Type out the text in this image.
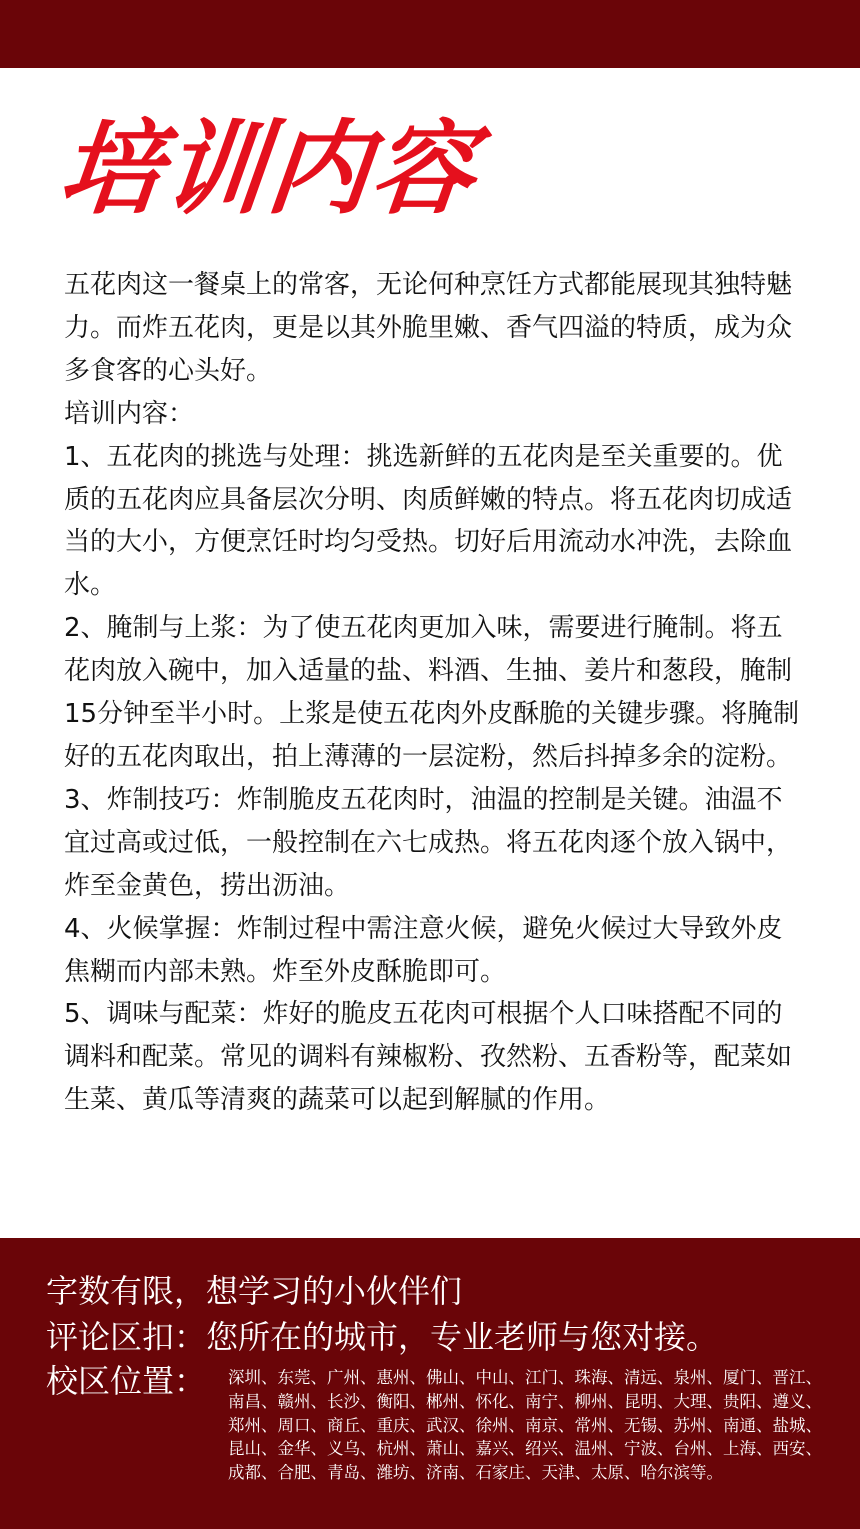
培训内容

五花肉这一餐桌上的常客，无论何种烹饪方式都能展现其独特魅力。而炸五花肉，更是以其外脆里嫩、香气四溢的特质，成为众多食客的心头好。

培训内容：

1、五花肉的挑选与处理：挑选新鲜的五花肉是至关重要的。优质的五花肉应具备层次分明、肉质鲜嫩的特点。将五花肉切成适当的大小，方便烹饪时均匀受热。切好后用流动水冲洗，去除血水。

2、腌制与上浆：为了使五花肉更加入味，需要进行腌制。将五花肉放入碗中，加入适量的盐、料酒、生抽、姜片和葱段，腌制15分钟至半小时。上浆是使五花肉外皮酥脆的关键步骤。将腌制好的五花肉取出，拍上薄薄的一层淀粉，然后抖掉多余的淀粉。

3、炸制技巧：炸制脆皮五花肉时，油温的控制是关键。油温不宜过高或过低，一般控制在六七成热。将五花肉逐个放入锅中，炸至金黄色，捞出沥油。

4、火候掌握：炸制过程中需注意火候，避免火候过大导致外皮焦糊而内部未熟。炸至外皮酥脆即可。

5、调味与配菜：炸好的脆皮五花肉可根据个人口味搭配不同的调料和配菜。常见的调料有辣椒粉、孜然粉、五香粉等，配菜如生菜、黄瓜等清爽的蔬菜可以起到解腻的作用。

字数有限，想学习的小伙伴们

评论区扣：您所在的城市，专业老师与您对接。

校区位置： 深圳、东莞、广州、惠州、佛山、中山、江门、珠海、清远、泉州、厦门、晋江、南昌、赣州、长沙、衡阳、郴州、怀化、南宁、柳州、昆明、大理、贵阳、遵义、郑州、周口、商丘、重庆、武汉、徐州、南京、常州、无锡、苏州、南通、盐城、昆山、金华、义乌、杭州、萧山、嘉兴、绍兴、温州、宁波、台州、上海、西安、成都、合肥、青岛、潍坊、济南、石家庄、天津、太原、哈尔滨等。
